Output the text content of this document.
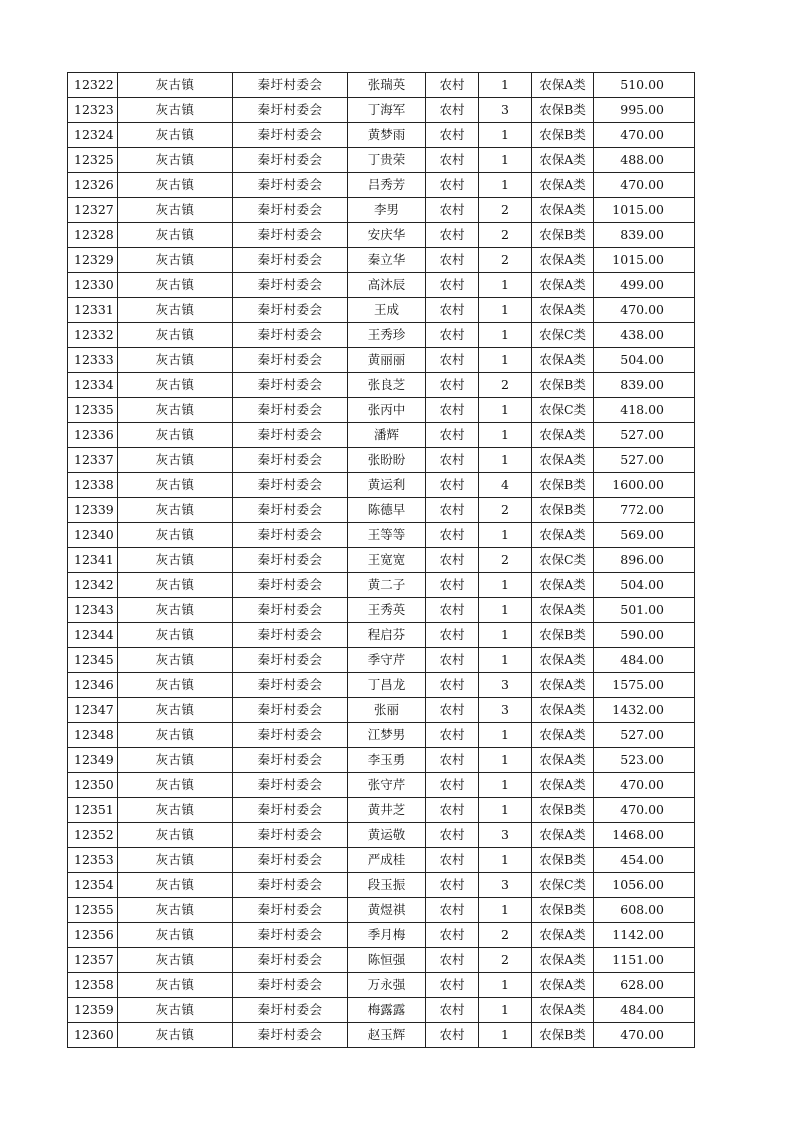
12322	灰古镇	秦圩村委会	张瑞英	农村	1	农保A类	510.00
12323	灰古镇	秦圩村委会	丁海军	农村	3	农保B类	995.00
12324	灰古镇	秦圩村委会	黄梦雨	农村	1	农保B类	470.00
12325	灰古镇	秦圩村委会	丁贵荣	农村	1	农保A类	488.00
12326	灰古镇	秦圩村委会	吕秀芳	农村	1	农保A类	470.00
12327	灰古镇	秦圩村委会	李男	农村	2	农保A类	1015.00
12328	灰古镇	秦圩村委会	安庆华	农村	2	农保B类	839.00
12329	灰古镇	秦圩村委会	秦立华	农村	2	农保A类	1015.00
12330	灰古镇	秦圩村委会	高沐辰	农村	1	农保A类	499.00
12331	灰古镇	秦圩村委会	王成	农村	1	农保A类	470.00
12332	灰古镇	秦圩村委会	王秀珍	农村	1	农保C类	438.00
12333	灰古镇	秦圩村委会	黄丽丽	农村	1	农保A类	504.00
12334	灰古镇	秦圩村委会	张良芝	农村	2	农保B类	839.00
12335	灰古镇	秦圩村委会	张丙中	农村	1	农保C类	418.00
12336	灰古镇	秦圩村委会	潘辉	农村	1	农保A类	527.00
12337	灰古镇	秦圩村委会	张盼盼	农村	1	农保A类	527.00
12338	灰古镇	秦圩村委会	黄运利	农村	4	农保B类	1600.00
12339	灰古镇	秦圩村委会	陈德早	农村	2	农保B类	772.00
12340	灰古镇	秦圩村委会	王等等	农村	1	农保A类	569.00
12341	灰古镇	秦圩村委会	王宽宽	农村	2	农保C类	896.00
12342	灰古镇	秦圩村委会	黄二子	农村	1	农保A类	504.00
12343	灰古镇	秦圩村委会	王秀英	农村	1	农保A类	501.00
12344	灰古镇	秦圩村委会	程启芬	农村	1	农保B类	590.00
12345	灰古镇	秦圩村委会	季守芹	农村	1	农保A类	484.00
12346	灰古镇	秦圩村委会	丁昌龙	农村	3	农保A类	1575.00
12347	灰古镇	秦圩村委会	张丽	农村	3	农保A类	1432.00
12348	灰古镇	秦圩村委会	江梦男	农村	1	农保A类	527.00
12349	灰古镇	秦圩村委会	李玉勇	农村	1	农保A类	523.00
12350	灰古镇	秦圩村委会	张守芹	农村	1	农保A类	470.00
12351	灰古镇	秦圩村委会	黄井芝	农村	1	农保B类	470.00
12352	灰古镇	秦圩村委会	黄运敬	农村	3	农保A类	1468.00
12353	灰古镇	秦圩村委会	严成桂	农村	1	农保B类	454.00
12354	灰古镇	秦圩村委会	段玉振	农村	3	农保C类	1056.00
12355	灰古镇	秦圩村委会	黄煜祺	农村	1	农保B类	608.00
12356	灰古镇	秦圩村委会	季月梅	农村	2	农保A类	1142.00
12357	灰古镇	秦圩村委会	陈恒强	农村	2	农保A类	1151.00
12358	灰古镇	秦圩村委会	万永强	农村	1	农保A类	628.00
12359	灰古镇	秦圩村委会	梅露露	农村	1	农保A类	484.00
12360	灰古镇	秦圩村委会	赵玉辉	农村	1	农保B类	470.00
